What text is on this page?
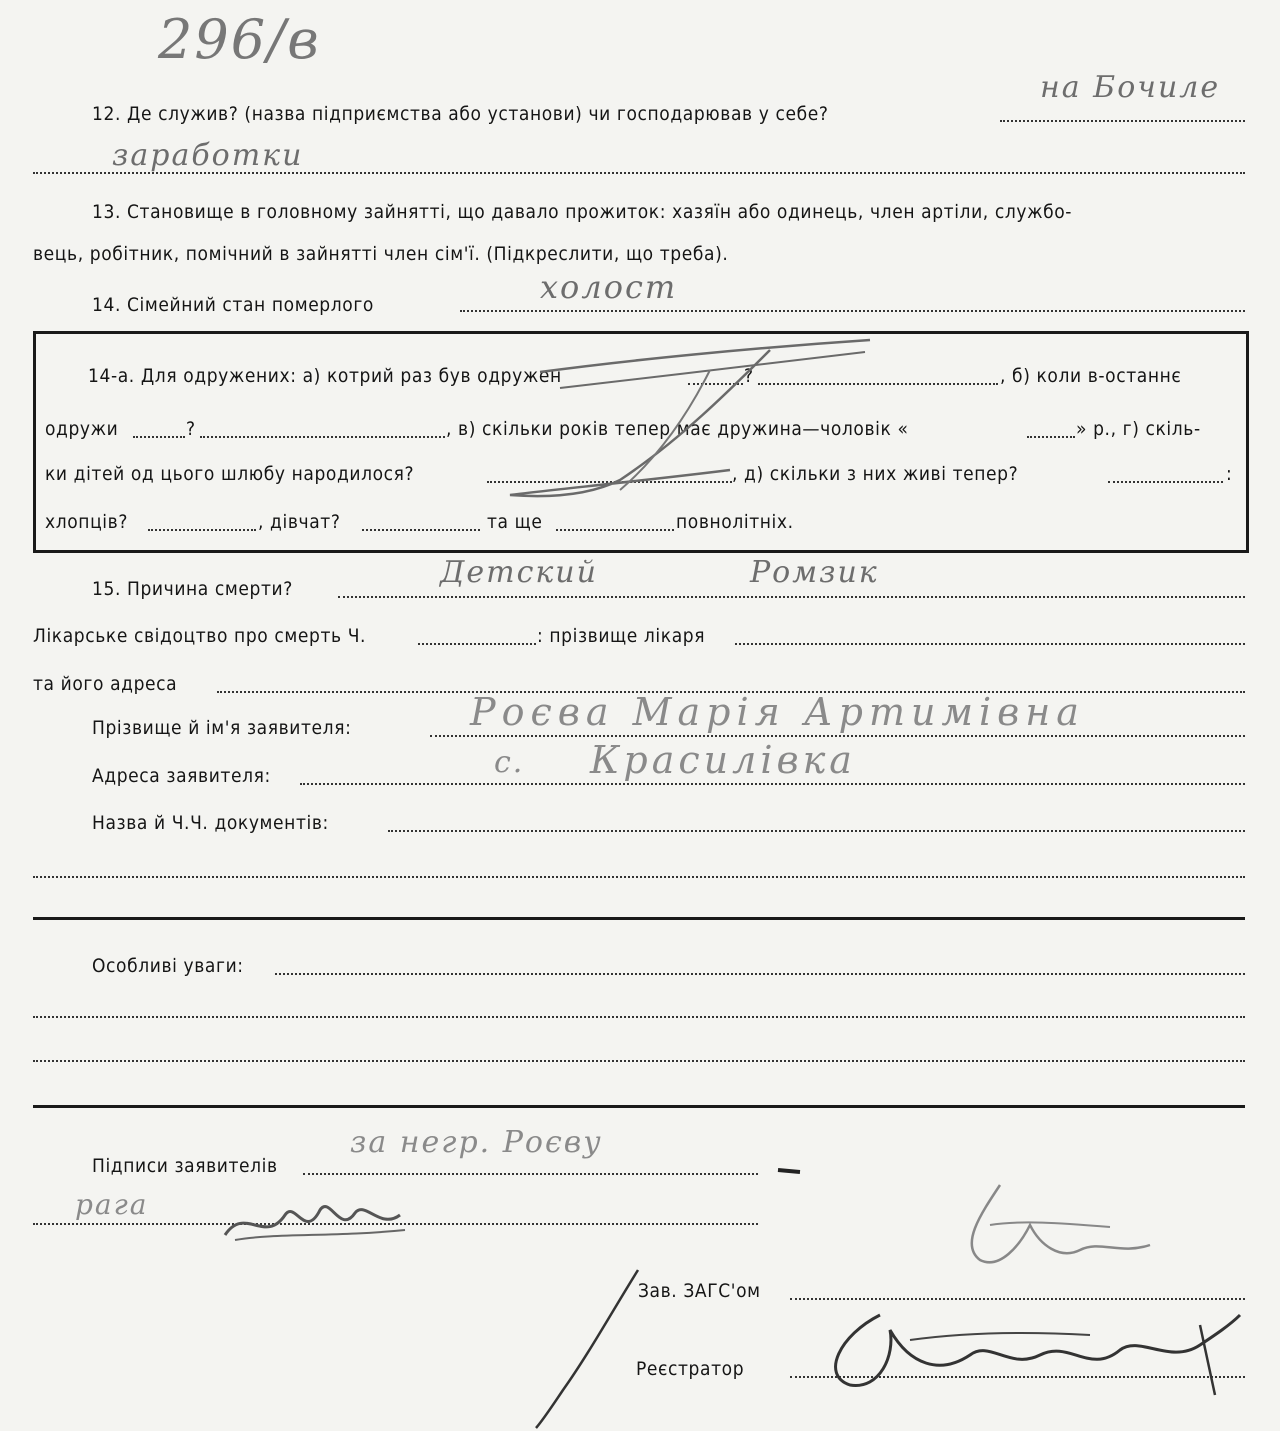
296/в
12. Де служив? (назва підприємства або установи) чи господарював у себе?
на Бочиле
заработки
13. Становище в головному зайнятті, що давало прожиток: хазяїн або одинець, член артіли, службо-
вець, робітник, помічний в зайнятті член сім'ї. (Підкреслити, що треба).
14. Сімейний стан померлого	холост
14-а. Для одружених: а) котрий раз був одружен	?	, б) коли в-останнє
одружи	?	, в) скільки років тепер має дружина—чоловік «	» р., г) скіль-
ки дітей од цього шлюбу народилося?	, д) скільки з них живі тепер?	:
хлопців?	, дівчат?	та ще	повнолітніх.
15. Причина смерти?	Детский	Ромзик
Лікарське свідоцтво про смерть Ч.	: прізвище лікаря
та його адреса
Прізвище й ім'я заявителя:	Роєва Марія Артимівна
Адреса заявителя:	с. Красилівка
Назва й Ч.Ч. документів:
Особливі уваги:
Підписи заявителів
за негр. Роєву
рага
Зав. ЗАГС'ом
Реєстратор
